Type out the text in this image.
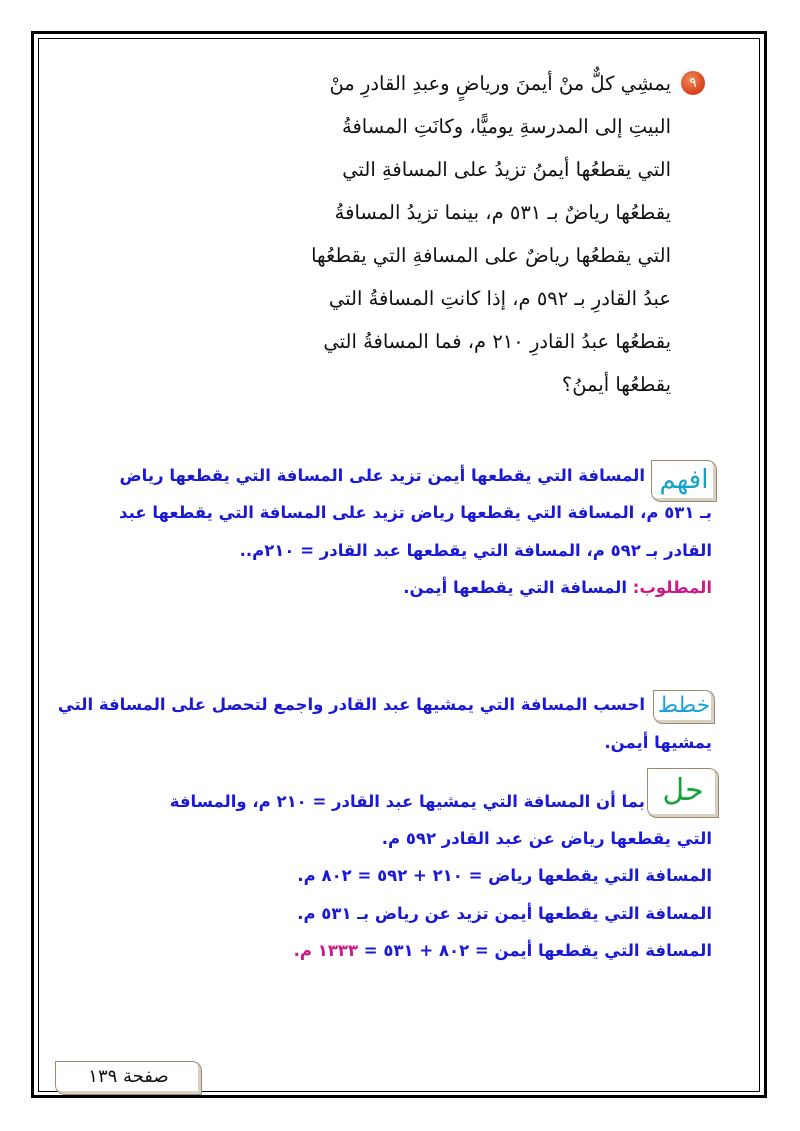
٩
يمشِي كلٌّ منْ أيمنَ ورياضٍ وعبدِ القادرِ منْ
البيتِ إلى المدرسةِ يوميًّا، وكانَتِ المسافةُ
التي يقطعُها أيمنُ تزيدُ على المسافةِ التي
يقطعُها رياضٌ بـ ٥٣١ م، بينما تزيدُ المسافةُ
التي يقطعُها رياضٌ على المسافةِ التي يقطعُها
عبدُ القادرِ بـ ٥٩٢ م، إذا كانتِ المسافةُ التي
يقطعُها عبدُ القادرِ ٢١٠ م، فما المسافةُ التي
يقطعُها أيمنُ؟
افهم
المسافة التي يقطعها أيمن تزيد على المسافة التي يقطعها رياض
بـ ٥٣١ م، المسافة التي يقطعها رياض تزيد على المسافة التي يقطعها عبد
القادر بـ ٥٩٢ م، المسافة التي يقطعها عبد القادر = ٢١٠م..
المطلوب: المسافة التي يقطعها أيمن.
خطط
احسب المسافة التي يمشيها عبد القادر واجمع لتحصل على المسافة التي
يمشيها أيمن.
حل
بما أن المسافة التي يمشيها عبد القادر = ٢١٠ م، والمسافة
التي يقطعها رياض عن عبد القادر ٥٩٢ م.
المسافة التي يقطعها رياض = ٢١٠ + ٥٩٢ = ٨٠٢ م.
المسافة التي يقطعها أيمن تزيد عن رياض بـ ٥٣١ م.
المسافة التي يقطعها أيمن = ٨٠٢ + ٥٣١ = ١٣٣٣ م.
صفحة ١٣٩
